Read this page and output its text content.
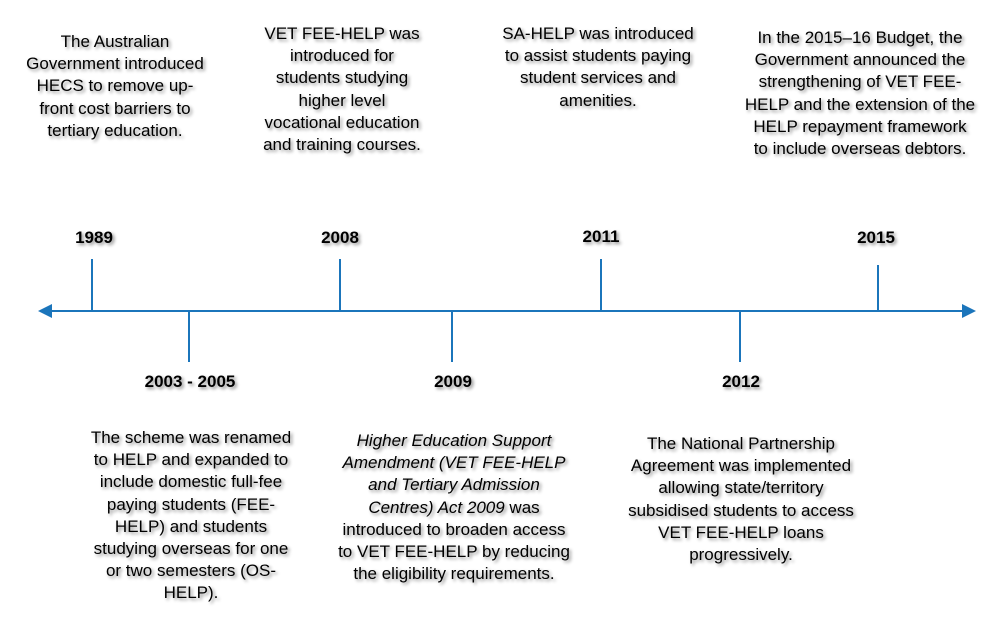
1989
2003 - 2005
2008
2009
2011
2012
2015
The Australian Government introduced HECS to remove up-front cost barriers to tertiary education.
The scheme was renamed to HELP and expanded to include domestic full-fee paying students (FEE-HELP) and students studying overseas for one or two semesters (OS-HELP).
VET FEE-HELP was introduced for students studying higher level vocational education and training courses.
Higher Education Support Amendment (VET FEE-HELP and Tertiary Admission Centres) Act 2009 was introduced to broaden access to VET FEE-HELP by reducing the eligibility requirements.
SA-HELP was introduced to assist students paying student services and amenities.
The National Partnership Agreement was implemented allowing state/territory subsidised students to access VET FEE-HELP loans progressively.
In the 2015–16 Budget, the Government announced the strengthening of VET FEE-HELP and the extension of the HELP repayment framework to include overseas debtors.
